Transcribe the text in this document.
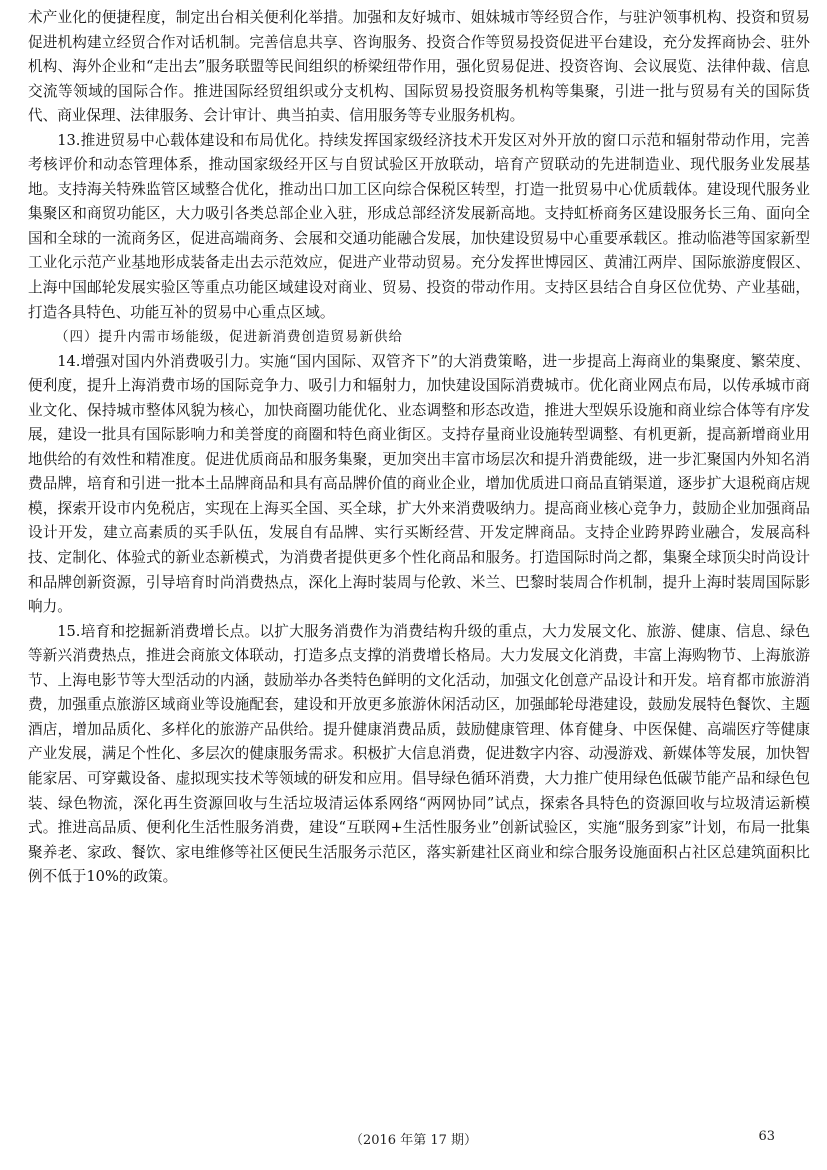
术产业化的便捷程度，制定出台相关便利化举措。加强和友好城市、姐妹城市等经贸合作，与驻沪领事机构、投资和贸易促进机构建立经贸合作对话机制。完善信息共享、咨询服务、投资合作等贸易投资促进平台建设，充分发挥商协会、驻外机构、海外企业和“走出去”服务联盟等民间组织的桥梁纽带作用，强化贸易促进、投资咨询、会议展览、法律仲裁、信息交流等领域的国际合作。推进国际经贸组织或分支机构、国际贸易投资服务机构等集聚，引进一批与贸易有关的国际货代、商业保理、法律服务、会计审计、典当拍卖、信用服务等专业服务机构。

13.推进贸易中心载体建设和布局优化。持续发挥国家级经济技术开发区对外开放的窗口示范和辐射带动作用，完善考核评价和动态管理体系，推动国家级经开区与自贸试验区开放联动，培育产贸联动的先进制造业、现代服务业发展基地。支持海关特殊监管区域整合优化，推动出口加工区向综合保税区转型，打造一批贸易中心优质载体。建设现代服务业集聚区和商贸功能区，大力吸引各类总部企业入驻，形成总部经济发展新高地。支持虹桥商务区建设服务长三角、面向全国和全球的一流商务区，促进高端商务、会展和交通功能融合发展，加快建设贸易中心重要承载区。推动临港等国家新型工业化示范产业基地形成装备走出去示范效应，促进产业带动贸易。充分发挥世博园区、黄浦江两岸、国际旅游度假区、上海中国邮轮发展实验区等重点功能区域建设对商业、贸易、投资的带动作用。支持区县结合自身区位优势、产业基础，打造各具特色、功能互补的贸易中心重点区域。

（四）提升内需市场能级，促进新消费创造贸易新供给

14.增强对国内外消费吸引力。实施“国内国际、双管齐下”的大消费策略，进一步提高上海商业的集聚度、繁荣度、便利度，提升上海消费市场的国际竞争力、吸引力和辐射力，加快建设国际消费城市。优化商业网点布局，以传承城市商业文化、保持城市整体风貌为核心，加快商圈功能优化、业态调整和形态改造，推进大型娱乐设施和商业综合体等有序发展，建设一批具有国际影响力和美誉度的商圈和特色商业街区。支持存量商业设施转型调整、有机更新，提高新增商业用地供给的有效性和精准度。促进优质商品和服务集聚，更加突出丰富市场层次和提升消费能级，进一步汇聚国内外知名消费品牌，培育和引进一批本土品牌商品和具有高品牌价值的商业企业，增加优质进口商品直销渠道，逐步扩大退税商店规模，探索开设市内免税店，实现在上海买全国、买全球，扩大外来消费吸纳力。提高商业核心竞争力，鼓励企业加强商品设计开发，建立高素质的买手队伍，发展自有品牌、实行买断经营、开发定牌商品。支持企业跨界跨业融合，发展高科技、定制化、体验式的新业态新模式，为消费者提供更多个性化商品和服务。打造国际时尚之都，集聚全球顶尖时尚设计和品牌创新资源，引导培育时尚消费热点，深化上海时装周与伦敦、米兰、巴黎时装周合作机制，提升上海时装周国际影响力。

15.培育和挖掘新消费增长点。以扩大服务消费作为消费结构升级的重点，大力发展文化、旅游、健康、信息、绿色等新兴消费热点，推进会商旅文体联动，打造多点支撑的消费增长格局。大力发展文化消费，丰富上海购物节、上海旅游节、上海电影节等大型活动的内涵，鼓励举办各类特色鲜明的文化活动，加强文化创意产品设计和开发。培育都市旅游消费，加强重点旅游区域商业等设施配套，建设和开放更多旅游休闲活动区，加强邮轮母港建设，鼓励发展特色餐饮、主题酒店，增加品质化、多样化的旅游产品供给。提升健康消费品质，鼓励健康管理、体育健身、中医保健、高端医疗等健康产业发展，满足个性化、多层次的健康服务需求。积极扩大信息消费，促进数字内容、动漫游戏、新媒体等发展，加快智能家居、可穿戴设备、虚拟现实技术等领域的研发和应用。倡导绿色循环消费，大力推广使用绿色低碳节能产品和绿色包装、绿色物流，深化再生资源回收与生活垃圾清运体系网络“两网协同”试点，探索各具特色的资源回收与垃圾清运新模式。推进高品质、便利化生活性服务消费，建设“互联网+生活性服务业”创新试验区，实施“服务到家”计划，布局一批集聚养老、家政、餐饮、家电维修等社区便民生活服务示范区，落实新建社区商业和综合服务设施面积占社区总建筑面积比例不低于10%的政策。

（2016 年第 17 期）	63
